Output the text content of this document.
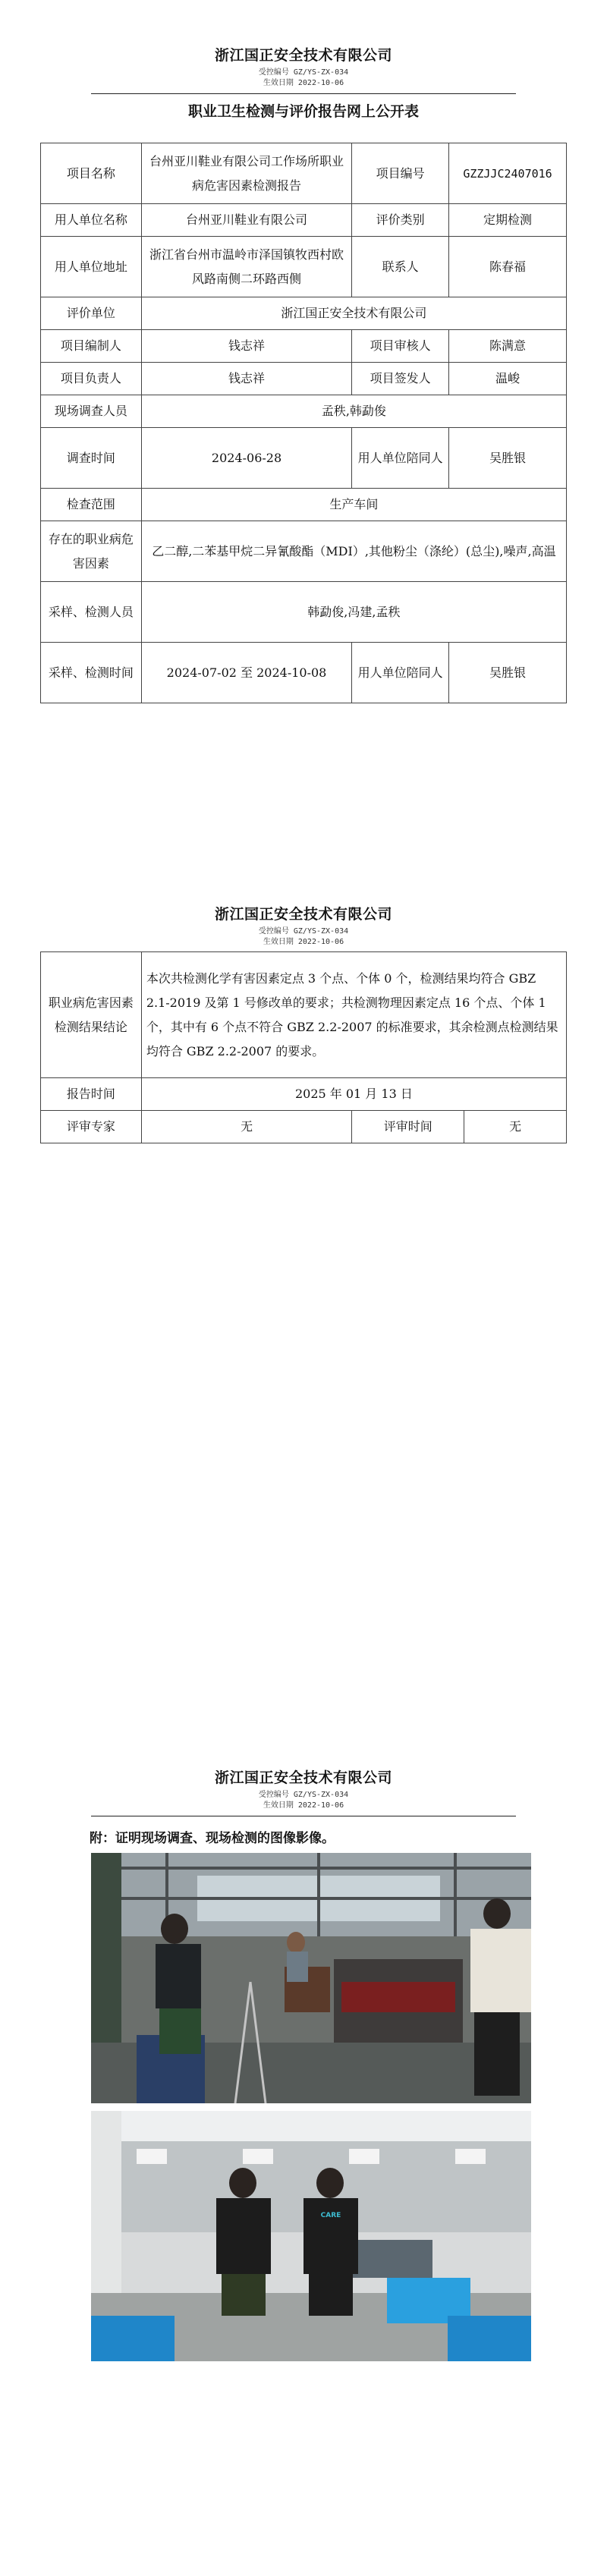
浙江国正安全技术有限公司
受控编号 GZ/YS-ZX-034
生效日期 2022-10-06
职业卫生检测与评价报告网上公开表
项目名称	台州亚川鞋业有限公司工作场所职业病危害因素检测报告	项目编号	GZZJJC2407016
用人单位名称	台州亚川鞋业有限公司	评价类别	定期检测
用人单位地址	浙江省台州市温岭市泽国镇牧西村欧风路南侧二环路西侧	联系人	陈春福
评价单位	浙江国正安全技术有限公司		
项目编制人	钱志祥	项目审核人	陈满意
项目负责人	钱志祥	项目签发人	温峻
现场调查人员	孟秩,韩勐俊		
调查时间	2024-06-28	用人单位陪同人	吴胜银
检查范围	生产车间		
存在的职业病危害因素	乙二醇,二苯基甲烷二异氰酸酯（MDI）,其他粉尘（涤纶）(总尘),噪声,高温		
采样、检测人员	韩勐俊,冯建,孟秩		
采样、检测时间	2024-07-02 至 2024-10-08	用人单位陪同人	吴胜银
浙江国正安全技术有限公司
受控编号 GZ/YS-ZX-034
生效日期 2022-10-06
职业病危害因素检测结果结论	本次共检测化学有害因素定点 3 个点、个体 0 个，检测结果均符合 GBZ 2.1-2019 及第 1 号修改单的要求；共检测物理因素定点 16 个点、个体 1 个，其中有 6 个点不符合 GBZ 2.2-2007 的标准要求，其余检测点检测结果均符合 GBZ 2.2-2007 的要求。		
报告时间	2025 年 01 月 13 日		
评审专家	无	评审时间	无
浙江国正安全技术有限公司
受控编号 GZ/YS-ZX-034
生效日期 2022-10-06
附：证明现场调查、现场检测的图像影像。
CARE
